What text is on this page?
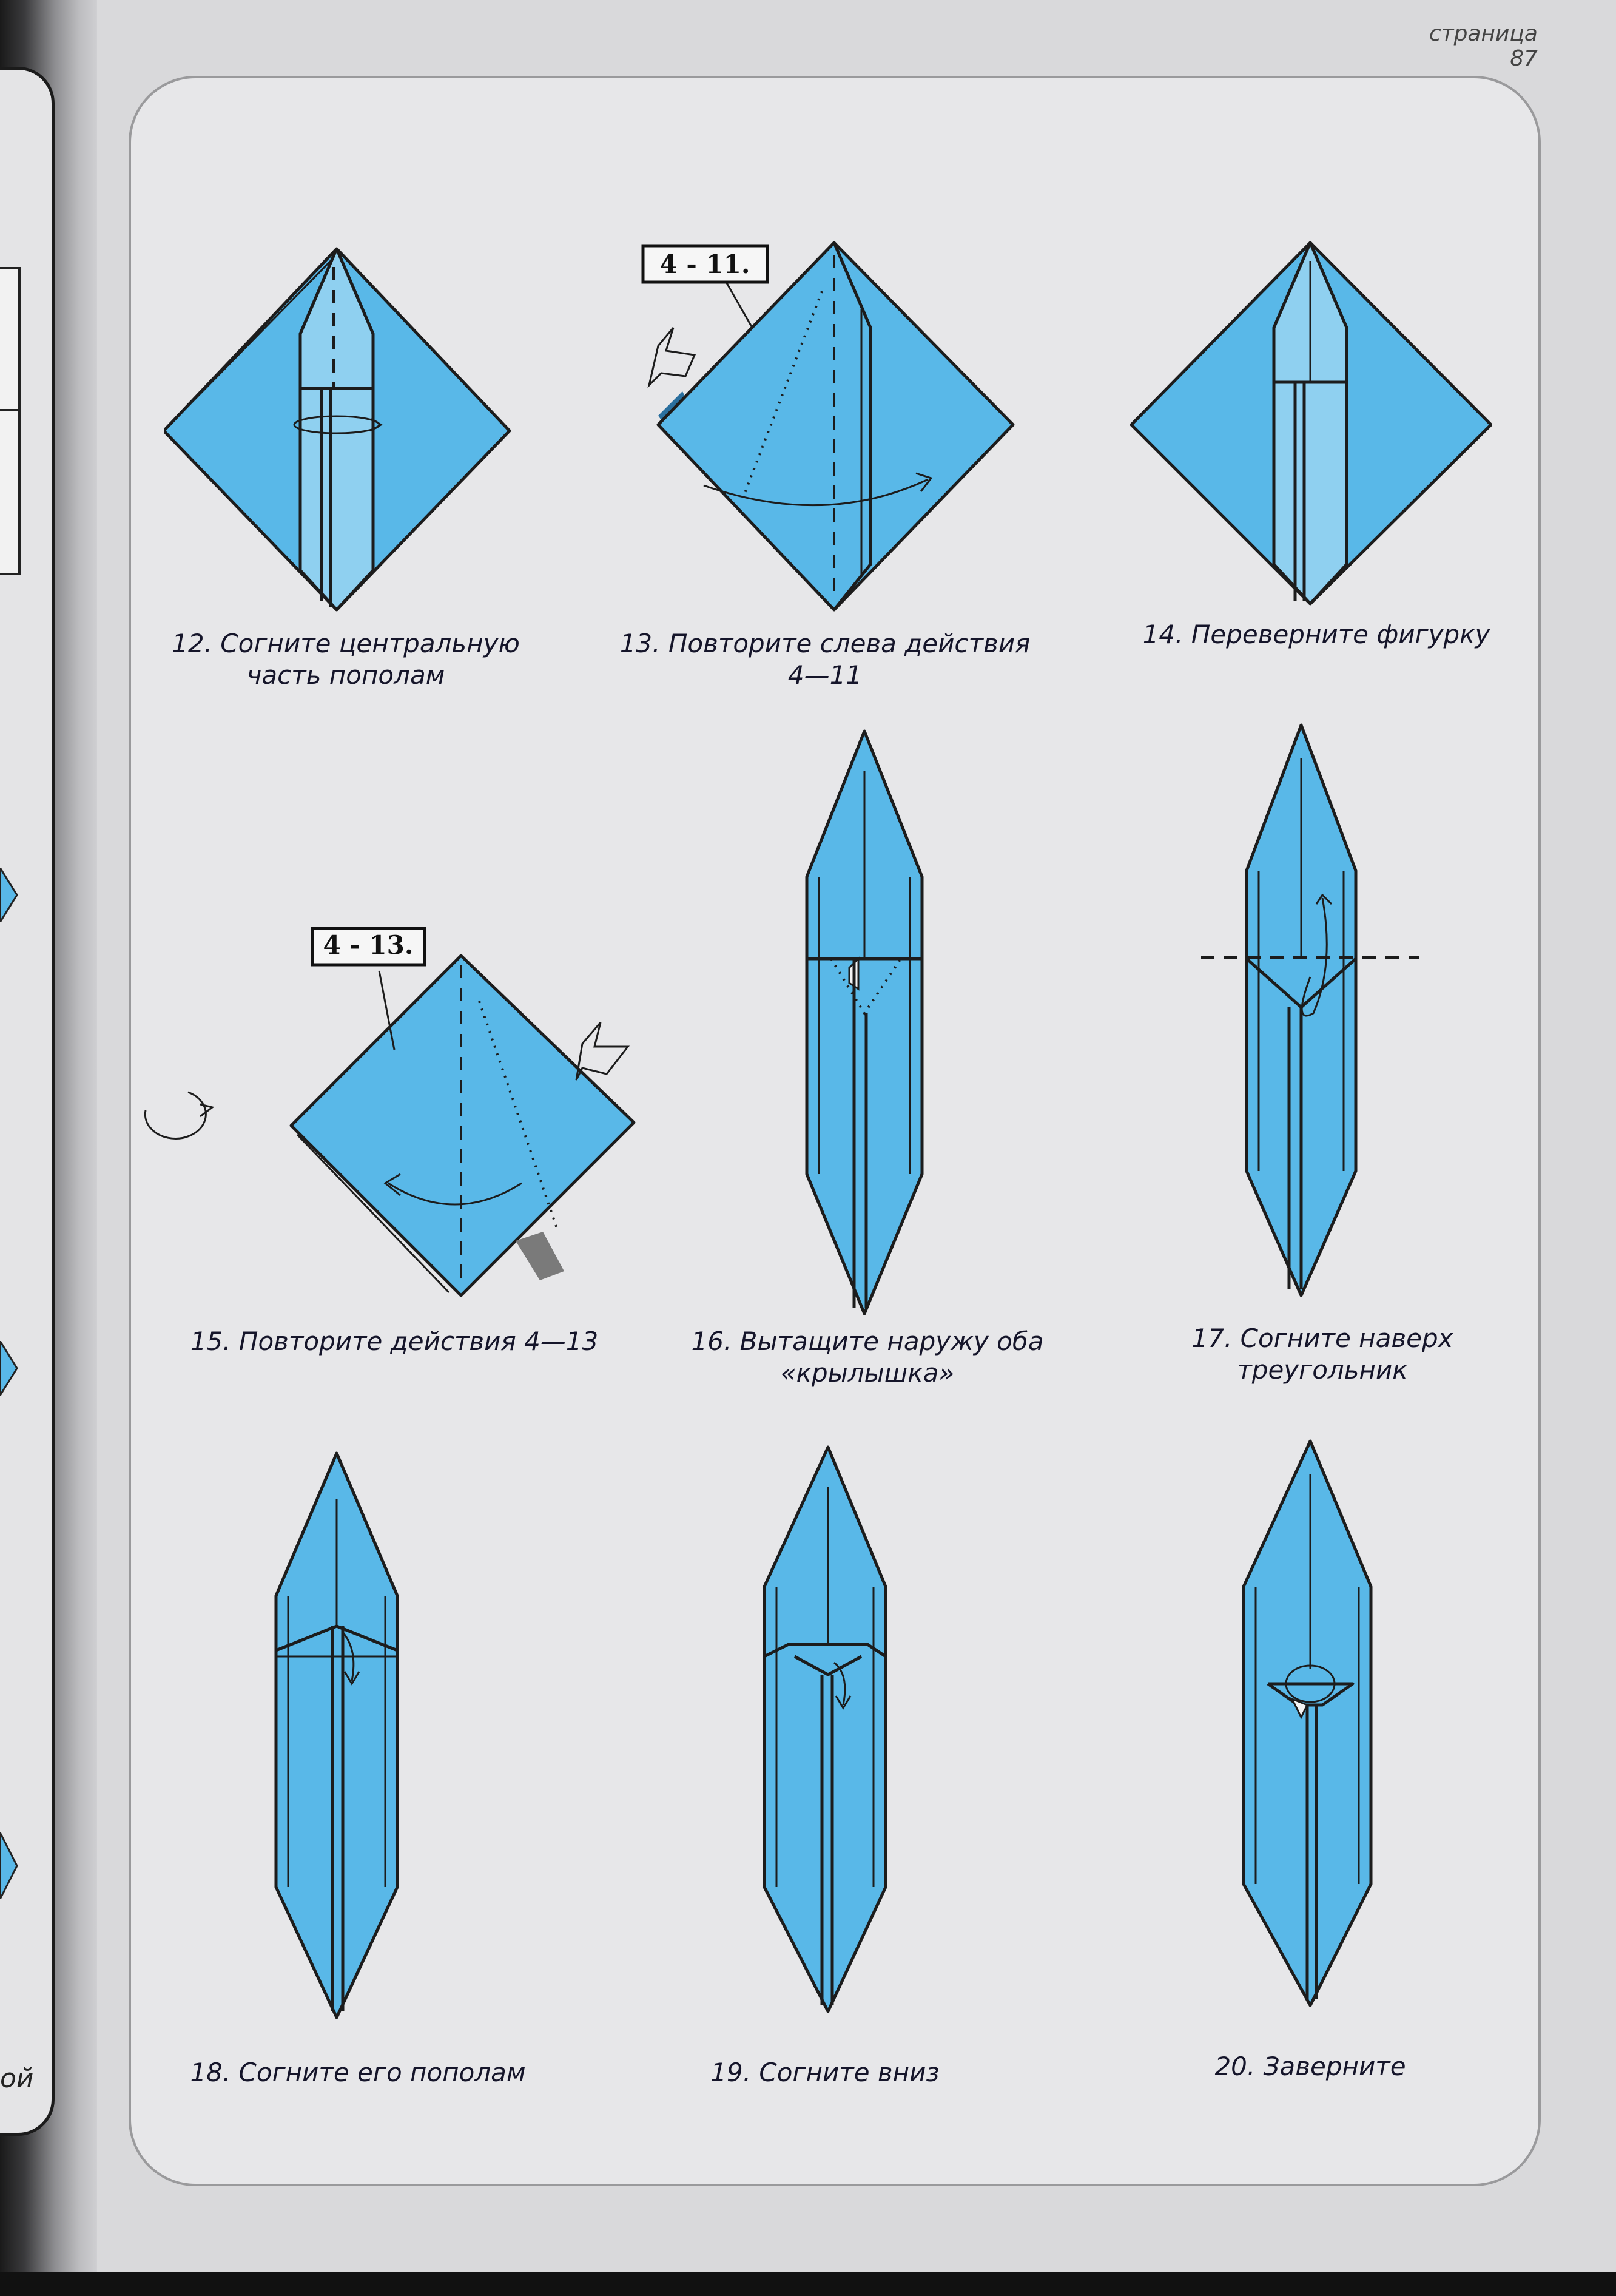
ой
страница 87
4 - 11.
4 - 13.
12. Согните центральную
часть пополам
13. Повторите слева действия
4—11
14. Переверните фигурку
15. Повторите действия 4—13	16. Вытащите наружу оба
«крылышка»
17. Согните наверх треугольник
18. Согните его пополам	19. Согните вниз	20. Заверните
